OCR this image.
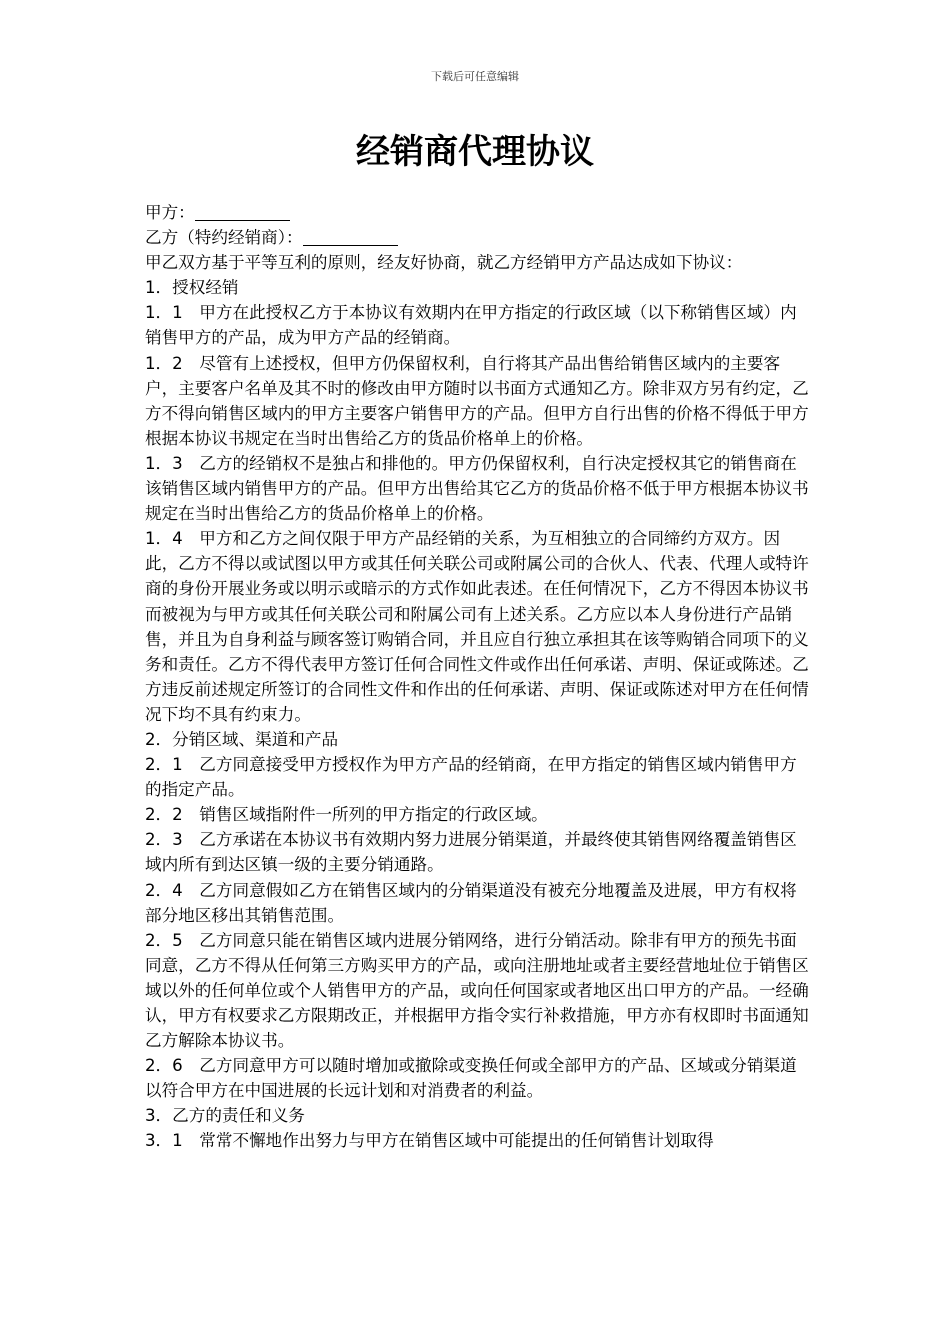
下载后可任意编辑
经销商代理协议

甲方：

乙方（特约经销商）：

甲乙双方基于平等互利的原则，经友好协商，就乙方经销甲方产品达成如下协议：

1．授权经销

1．1　甲方在此授权乙方于本协议有效期内在甲方指定的行政区域（以下称销售区域）内销售甲方的产品，成为甲方产品的经销商。

1．2　尽管有上述授权，但甲方仍保留权利，自行将其产品出售给销售区域内的主要客户，主要客户名单及其不时的修改由甲方随时以书面方式通知乙方。除非双方另有约定，乙方不得向销售区域内的甲方主要客户销售甲方的产品。但甲方自行出售的价格不得低于甲方根据本协议书规定在当时出售给乙方的货品价格单上的价格。

1．3　乙方的经销权不是独占和排他的。甲方仍保留权利，自行决定授权其它的销售商在该销售区域内销售甲方的产品。但甲方出售给其它乙方的货品价格不低于甲方根据本协议书规定在当时出售给乙方的货品价格单上的价格。

1．4　甲方和乙方之间仅限于甲方产品经销的关系，为互相独立的合同缔约方双方。因此，乙方不得以或试图以甲方或其任何关联公司或附属公司的合伙人、代表、代理人或特许商的身份开展业务或以明示或暗示的方式作如此表述。在任何情况下，乙方不得因本协议书而被视为与甲方或其任何关联公司和附属公司有上述关系。乙方应以本人身份进行产品销售，并且为自身利益与顾客签订购销合同，并且应自行独立承担其在该等购销合同项下的义务和责任。乙方不得代表甲方签订任何合同性文件或作出任何承诺、声明、保证或陈述。乙方违反前述规定所签订的合同性文件和作出的任何承诺、声明、保证或陈述对甲方在任何情况下均不具有约束力。

2．分销区域、渠道和产品

2．1　乙方同意接受甲方授权作为甲方产品的经销商，在甲方指定的销售区域内销售甲方的指定产品。

2．2　销售区域指附件一所列的甲方指定的行政区域。

2．3　乙方承诺在本协议书有效期内努力进展分销渠道，并最终使其销售网络覆盖销售区域内所有到达区镇一级的主要分销通路。

2．4　乙方同意假如乙方在销售区域内的分销渠道没有被充分地覆盖及进展，甲方有权将部分地区移出其销售范围。

2．5　乙方同意只能在销售区域内进展分销网络，进行分销活动。除非有甲方的预先书面同意，乙方不得从任何第三方购买甲方的产品，或向注册地址或者主要经营地址位于销售区域以外的任何单位或个人销售甲方的产品，或向任何国家或者地区出口甲方的产品。一经确认，甲方有权要求乙方限期改正，并根据甲方指令实行补救措施，甲方亦有权即时书面通知乙方解除本协议书。

2．6　乙方同意甲方可以随时增加或撤除或变换任何或全部甲方的产品、区域或分销渠道以符合甲方在中国进展的长远计划和对消费者的利益。

3．乙方的责任和义务

3．1　常常不懈地作出努力与甲方在销售区域中可能提出的任何销售计划取得
